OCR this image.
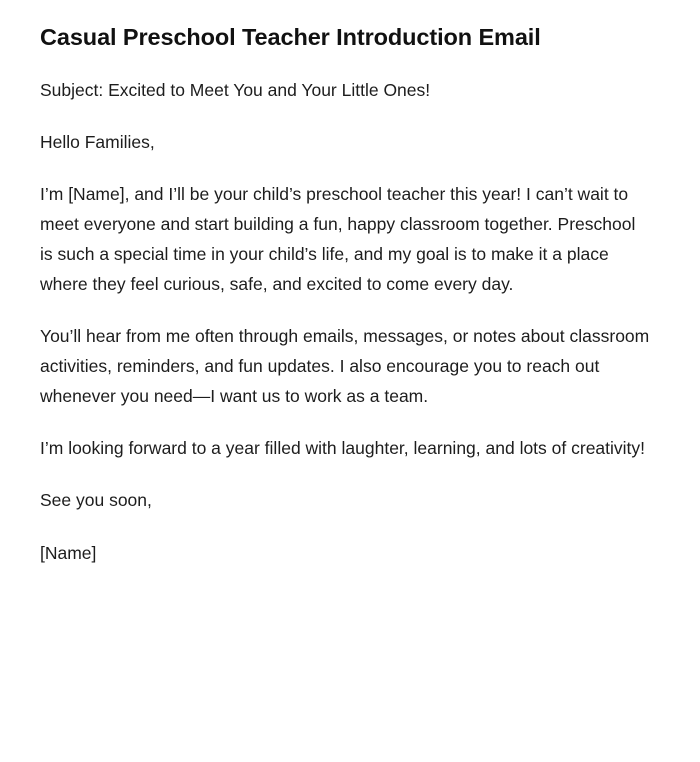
Casual Preschool Teacher Introduction Email

Subject: Excited to Meet You and Your Little Ones!

Hello Families,

I’m [Name], and I’ll be your child’s preschool teacher this year! I can’t wait to meet everyone and start building a fun, happy classroom together. Preschool is such a special time in your child’s life, and my goal is to make it a place where they feel curious, safe, and excited to come every day.

You’ll hear from me often through emails, messages, or notes about classroom activities, reminders, and fun updates. I also encourage you to reach out whenever you need—I want us to work as a team.

I’m looking forward to a year filled with laughter, learning, and lots of creativity!

See you soon,

[Name]
